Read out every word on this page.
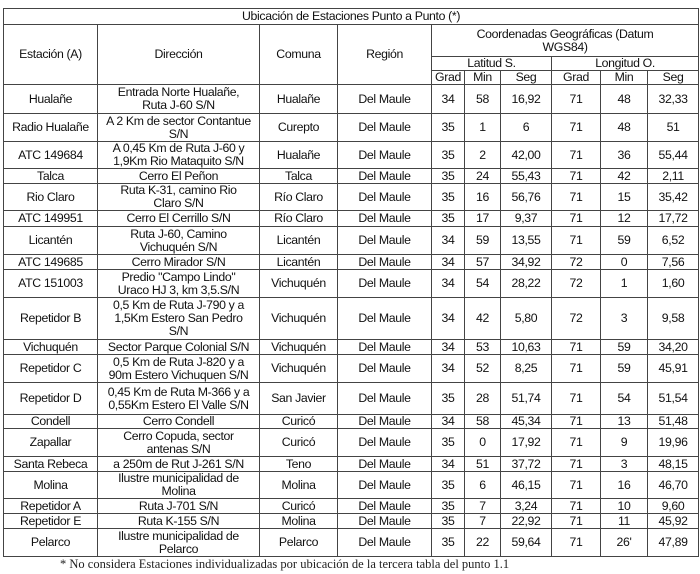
Ubicación de Estaciones Punto a Punto (*)									
Estación (A)	Dirección	Comuna	Región	Coordenadas Geográficas (Datum WGS84)					
				Latitud S.			Longitud O.		
				Grad	Min	Seg	Grad	Min	Seg
Hualañe	Entrada Norte Hualañe, Ruta J-60 S/N	Hualañe	Del Maule	34	58	16,92	71	48	32,33
Radio Hualañe	A 2 Km de sector Contantue S/N	Curepto	Del Maule	35	1	6	71	48	51
ATC 149684	A 0,45 Km de Ruta J-60 y 1,9Km Rio Mataquito S/N	Hualañe	Del Maule	35	2	42,00	71	36	55,44
Talca	Cerro El Peñon	Talca	Del Maule	35	24	55,43	71	42	2,11
Rio Claro	Ruta K-31, camino Rio Claro S/N	Río Claro	Del Maule	35	16	56,76	71	15	35,42
ATC 149951	Cerro El Cerrillo S/N	Río Claro	Del Maule	35	17	9,37	71	12	17,72
Licantén	Ruta J-60, Camino Vichuquén S/N	Licantén	Del Maule	34	59	13,55	71	59	6,52
ATC 149685	Cerro Mirador S/N	Licantén	Del Maule	34	57	34,92	72	0	7,56
ATC 151003	Predio "Campo Lindo" Uraco HJ 3, km 3,5.S/N	Vichuquén	Del Maule	34	54	28,22	72	1	1,60
Repetidor B	0,5 Km de Ruta J-790 y a 1,5Km Estero San Pedro S/N	Vichuquén	Del Maule	34	42	5,80	72	3	9,58
Vichuquén	Sector Parque Colonial S/N	Vichuquén	Del Maule	34	53	10,63	71	59	34,20
Repetidor C	0,5 Km de Ruta J-820 y a 90m Estero Vichuquen S/N	Vichuquén	Del Maule	34	52	8,25	71	59	45,91
Repetidor D	0,45 Km de Ruta M-366 y a 0,55Km Estero El Valle S/N	San Javier	Del Maule	35	28	51,74	71	54	51,54
Condell	Cerro Condell	Curicó	Del Maule	34	58	45,34	71	13	51,48
Zapallar	Cerro Copuda, sector antenas S/N	Curicó	Del Maule	35	0	17,92	71	9	19,96
Santa Rebeca	a 250m de Rut J-261 S/N	Teno	Del Maule	34	51	37,72	71	3	48,15
Molina	Ilustre municipalidad de Molina	Molina	Del Maule	35	6	46,15	71	16	46,70
Repetidor A	Ruta J-701 S/N	Curicó	Del Maule	35	7	3,24	71	10	9,60
Repetidor E	Ruta K-155 S/N	Molina	Del Maule	35	7	22,92	71	11	45,92
Pelarco	Ilustre municipalidad de Pelarco	Pelarco	Del Maule	35	22	59,64	71	26'	47,89
* No considera Estaciones individualizadas por ubicación de la tercera tabla del punto 1.1
